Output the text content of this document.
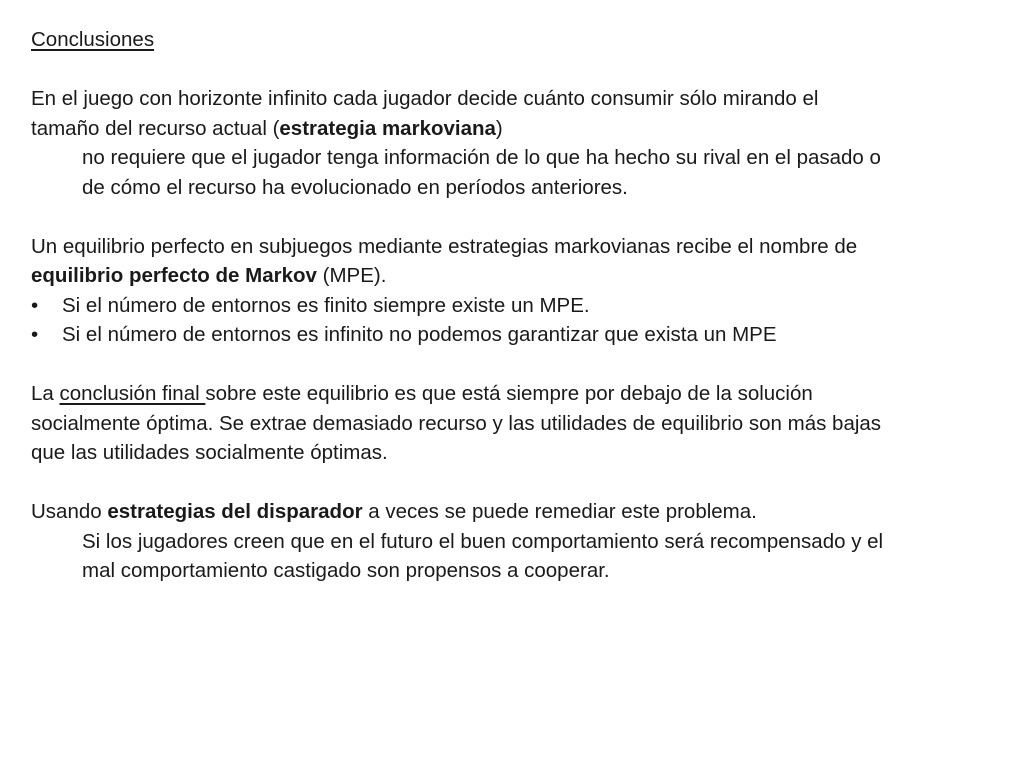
Conclusiones
En el juego con horizonte infinito cada jugador decide cuánto consumir sólo mirando el
tamaño del recurso actual (estrategia markoviana)
no requiere que el jugador tenga información de lo que ha hecho su rival en el pasado o
de cómo el recurso ha evolucionado en períodos anteriores.
Un equilibrio perfecto en subjuegos mediante estrategias markovianas recibe el nombre de
equilibrio perfecto de Markov (MPE).
•	Si el número de entornos es finito siempre existe un MPE.
•	Si el número de entornos es infinito no podemos garantizar que exista un MPE
La conclusión final sobre este equilibrio es que está siempre por debajo de la solución
socialmente óptima. Se extrae demasiado recurso y las utilidades de equilibrio son más bajas
que las utilidades socialmente óptimas.
Usando estrategias del disparador a veces se puede remediar este problema.
Si los jugadores creen que en el futuro el buen comportamiento será recompensado y el
mal comportamiento castigado son propensos a cooperar.
